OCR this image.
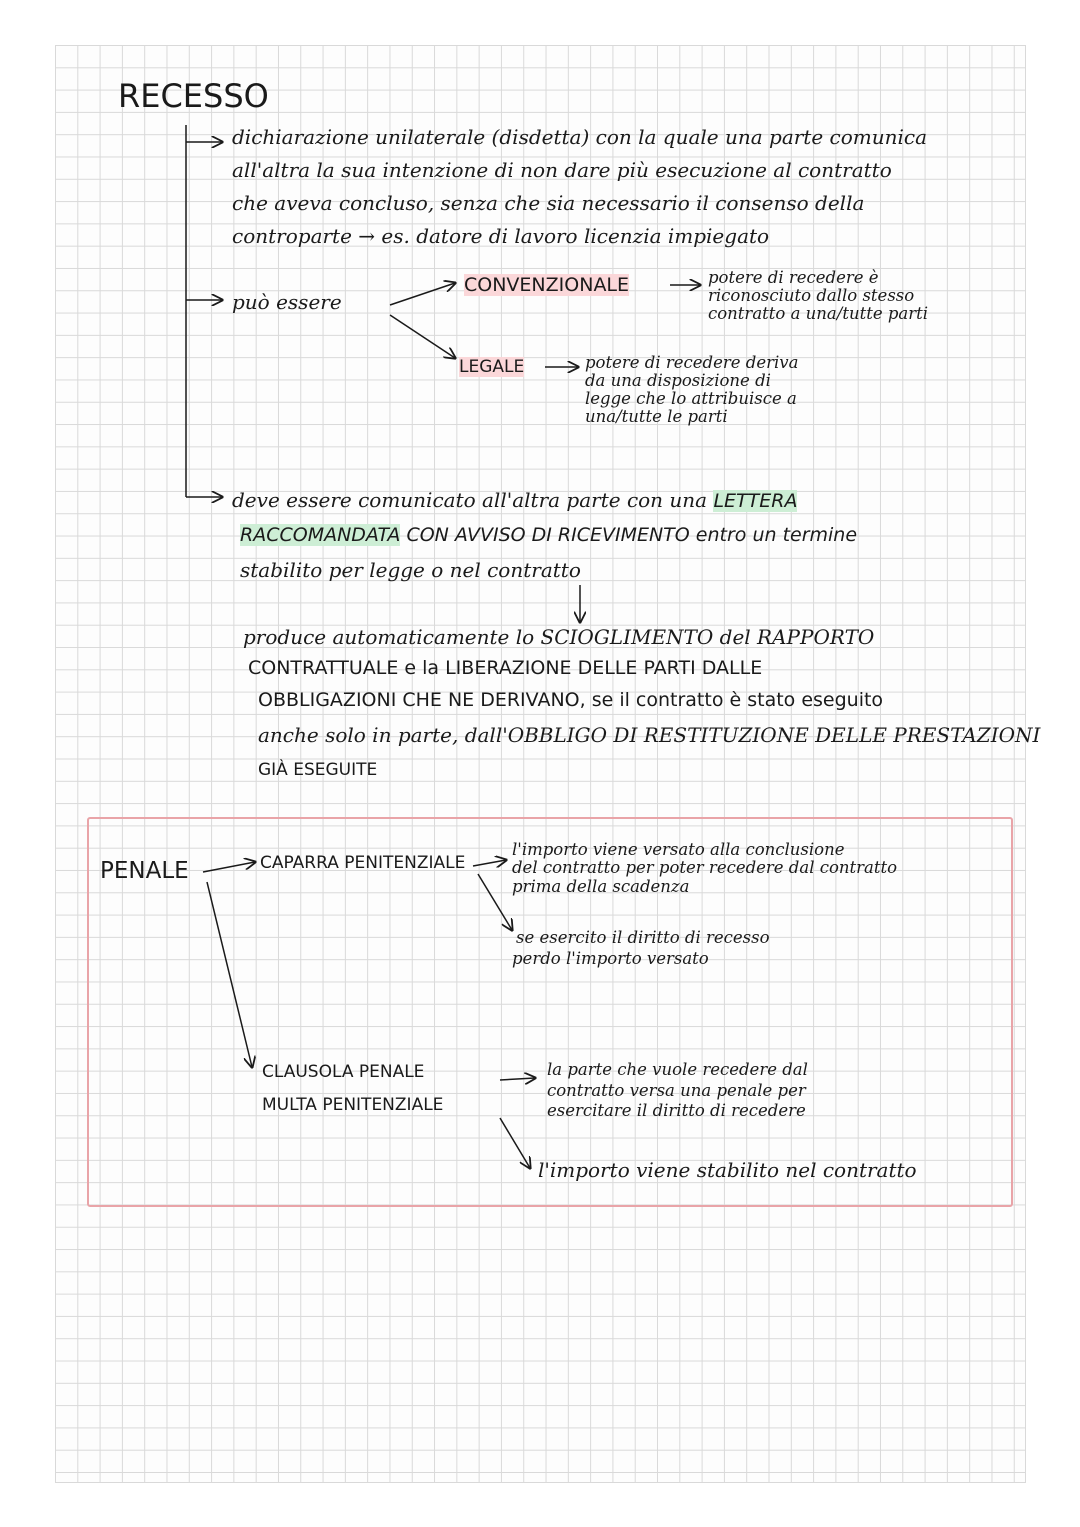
RECESSO
dichiarazione unilaterale (disdetta) con la quale una parte comunica
all'altra la sua intenzione di non dare più esecuzione al contratto
che aveva concluso, senza che sia necessario il consenso della
controparte → es. datore di lavoro licenzia impiegato
può essere
CONVENZIONALE	potere di recedere è
riconosciuto dallo stesso
contratto a una/tutte parti
LEGALE	potere di recedere deriva
da una disposizione di
legge che lo attribuisce a
una/tutte le parti
deve essere comunicato all'altra parte con una LETTERA
RACCOMANDATA CON AVVISO DI RICEVIMENTO entro un termine
stabilito per legge o nel contratto
produce automaticamente lo SCIOGLIMENTO del RAPPORTO
CONTRATTUALE e la LIBERAZIONE DELLE PARTI DALLE
OBBLIGAZIONI CHE NE DERIVANO, se il contratto è stato eseguito
anche solo in parte, dall'OBBLIGO DI RESTITUZIONE DELLE PRESTAZIONI
GIÀ ESEGUITE
PENALE	CAPARRA PENITENZIALE
l'importo viene versato alla conclusione
del contratto per poter recedere dal contratto
prima della scadenza
se esercito il diritto di recesso
perdo l'importo versato
CLAUSOLA PENALE
MULTA PENITENZIALE
la parte che vuole recedere dal
contratto versa una penale per
esercitare il diritto di recedere
l'importo viene stabilito nel contratto
